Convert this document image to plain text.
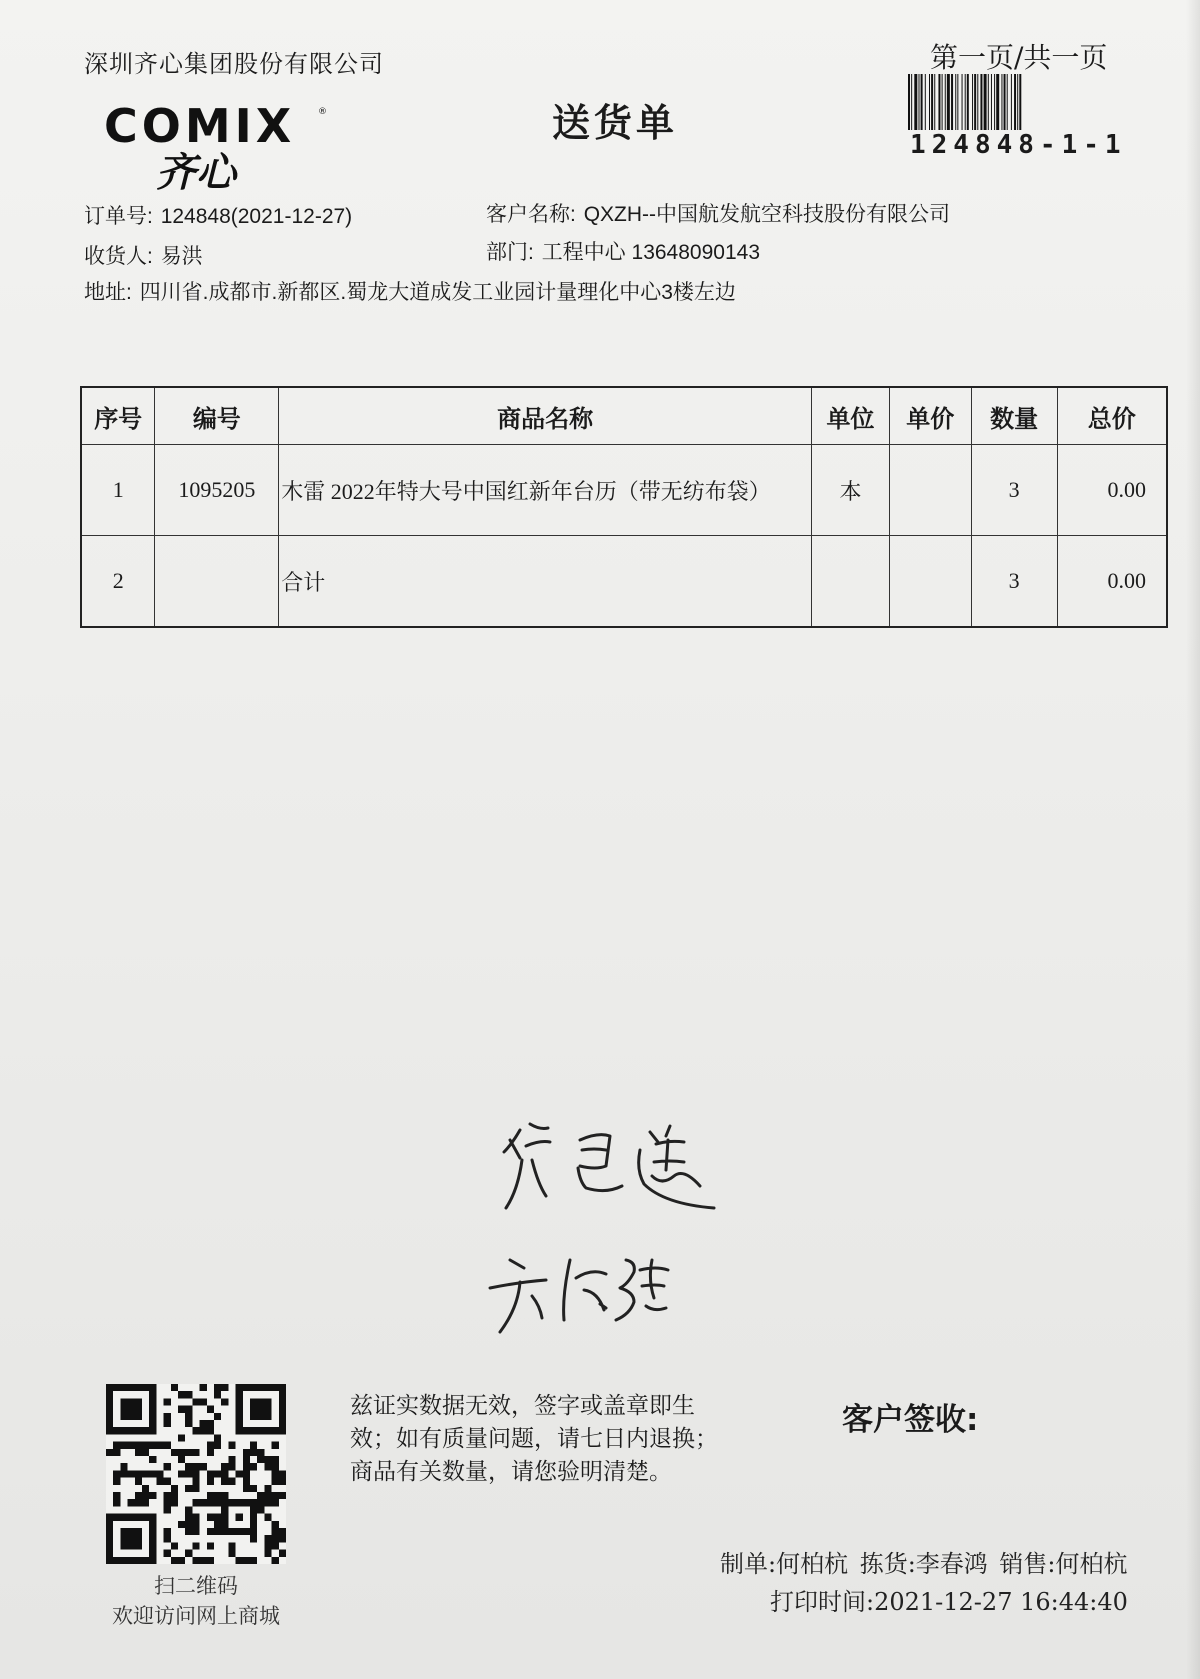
深圳齐心集团股份有限公司
COMIX	®
齐心
送货单
第一页/共一页
124848-1-1
订单号: 124848(2021-12-27)	客户名称: QXZH--中国航发航空科技股份有限公司
收货人: 易洪	部门: 工程中心 13648090143
地址: 四川省.成都市.新都区.蜀龙大道成发工业园计量理化中心3楼左边
序号	编号	商品名称	单位	单价	数量	总价
1	1095205	木雷 2022年特大号中国红新年台历（带无纺布袋）	本		3	0.00
2		合计			3	0.00
扫二维码
欢迎访问网上商城
兹证实数据无效，签字或盖章即生
效；如有质量问题，请七日内退换；
商品有关数量，请您验明清楚。
客户签收:
制单:何柏杭 拣货:李春鸿 销售:何柏杭
打印时间:2021-12-27 16:44:40
